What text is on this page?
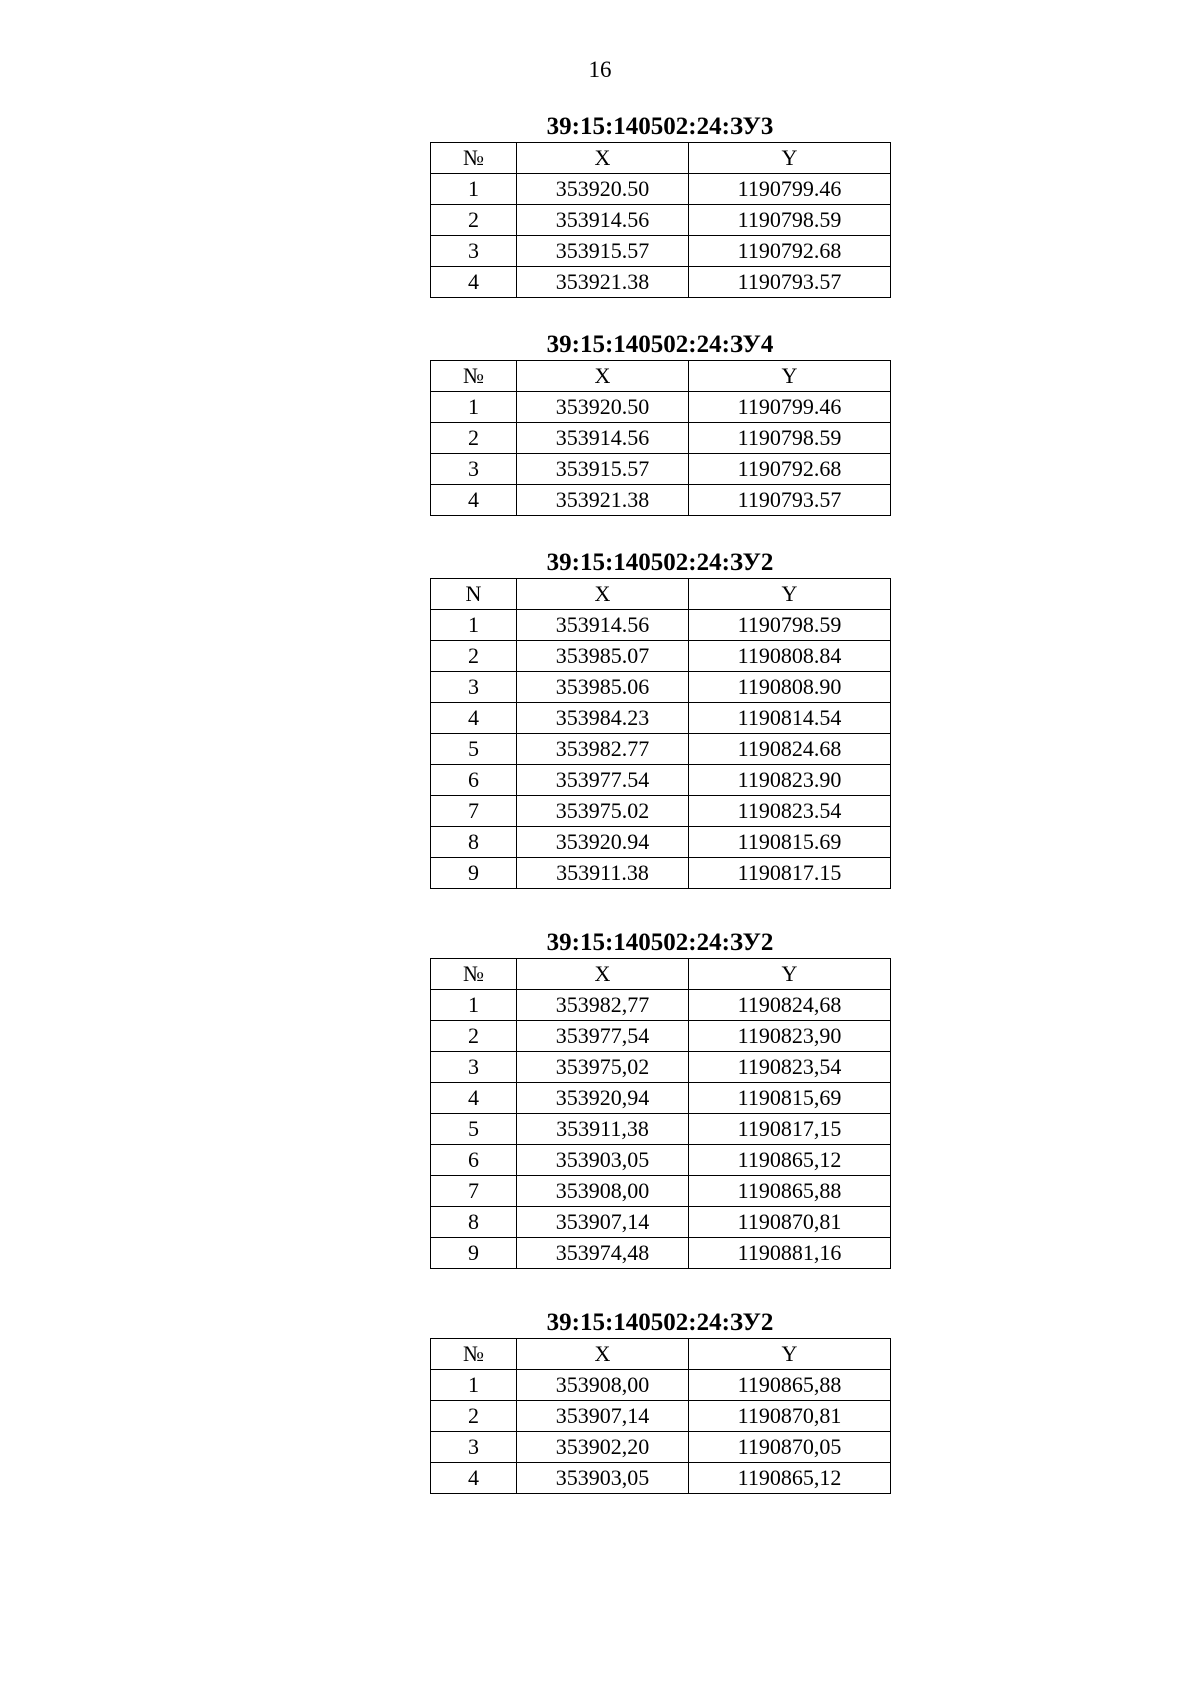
16
39:15:140502:24:ЗУ3
№	X	Y
1	353920.50	1190799.46
2	353914.56	1190798.59
3	353915.57	1190792.68
4	353921.38	1190793.57
39:15:140502:24:ЗУ4
№	X	Y
1	353920.50	1190799.46
2	353914.56	1190798.59
3	353915.57	1190792.68
4	353921.38	1190793.57
39:15:140502:24:ЗУ2
N	X	Y
1	353914.56	1190798.59
2	353985.07	1190808.84
3	353985.06	1190808.90
4	353984.23	1190814.54
5	353982.77	1190824.68
6	353977.54	1190823.90
7	353975.02	1190823.54
8	353920.94	1190815.69
9	353911.38	1190817.15
39:15:140502:24:ЗУ2
№	X	Y
1	353982,77	1190824,68
2	353977,54	1190823,90
3	353975,02	1190823,54
4	353920,94	1190815,69
5	353911,38	1190817,15
6	353903,05	1190865,12
7	353908,00	1190865,88
8	353907,14	1190870,81
9	353974,48	1190881,16
39:15:140502:24:ЗУ2
№	X	Y
1	353908,00	1190865,88
2	353907,14	1190870,81
3	353902,20	1190870,05
4	353903,05	1190865,12
